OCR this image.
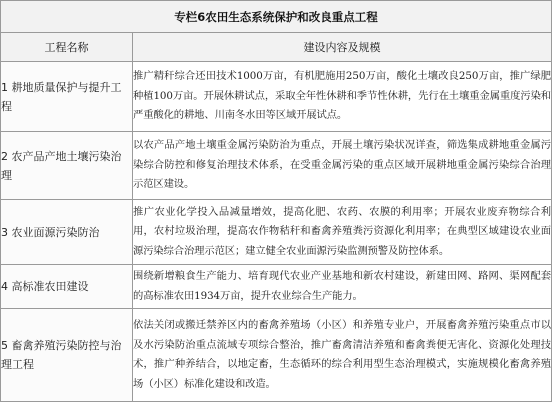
专栏6农田生态系统保护和改良重点工程	
工程名称	建设内容及规模
1 耕地质量保护与提升工程	推广精秆综合还田技术1000万亩，有机肥施用250万亩，酸化土壤改良250万亩，推广绿肥种植100万亩。开展休耕试点，采取全年性休耕和季节性休耕，先行在土壤重金属重度污染和严重酸化的耕地、川南冬水田等区域开展试点。
2 农产品产地土壤污染治理	以农产品产地土壤重金属污染防治为重点，开展土壤污染状况详查，筛选集成耕地重金属污染综合防控和修复治理技术体系，在受重金属污染的重点区域开展耕地重金属污染综合治理示范区建设。
3 农业面源污染防治	推广农业化学投入品减量增效，提高化肥、农药、农膜的利用率；开展农业废弃物综合利用，农村垃圾治理，提高农作物秸秆和畜禽养殖粪污资源化利用率；在典型区域建设农业面源污染综合治理示范区；建立健全农业面源污染监测预警及防控体系。
4 高标准农田建设	围绕新增粮食生产能力、培育现代农业产业基地和新农村建设，新建田网、路网、渠网配套的高标准农田1934万亩，提升农业综合生产能力。
5 畜禽养殖污染防控与治理工程	依法关闭或搬迁禁养区内的畜禽养殖场（小区）和养殖专业户，开展畜禽养殖污染重点市以及水污染防治重点流域专项综合整治，推广畜禽清洁养殖和畜禽粪便无害化、资源化处理技术，推广种养结合，以地定畜，生态循环的综合利用型生态治理模式，实施规模化畜禽养殖场（小区）标准化建设和改造。
